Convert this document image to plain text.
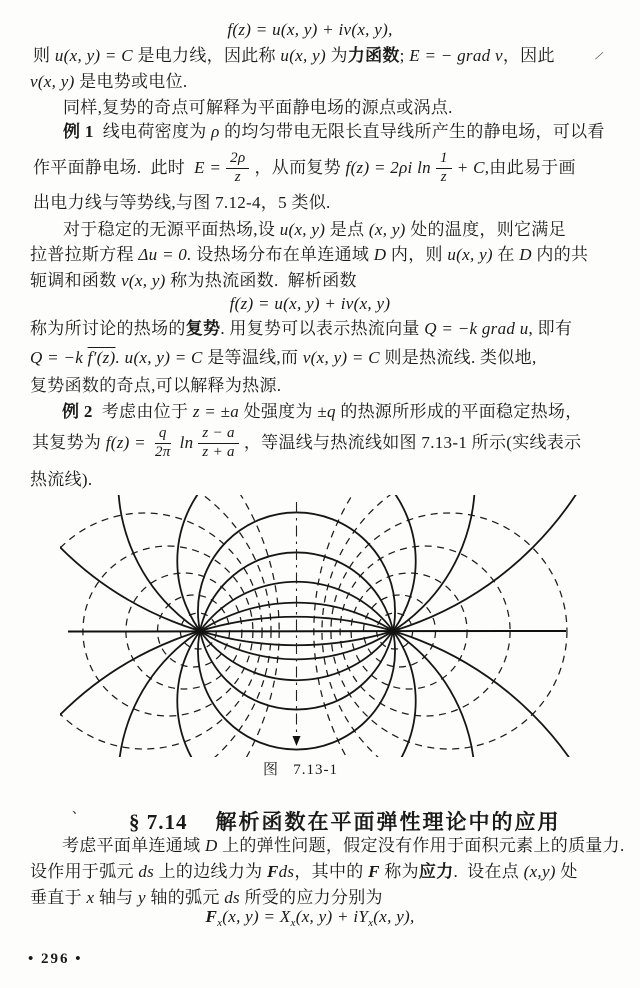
f(z) = u(x, y) + iv(x, y),
则 u(x, y) = C 是电力线，因此称 u(x, y) 为力函数; E = − grad v，因此
v(x, y) 是电势或电位.
同样,复势的奇点可解释为平面静电场的源点或涡点.
例 1  线电荷密度为 ρ 的均匀带电无限长直导线所产生的静电场，可以看
作平面静电场.  此时 $E = \frac{2\rho}{z}$ ，从而复势 f(z) = 2ρi $\ln \frac{1}{z} + C$ ,由此易于画
出电力线与等势线,与图 7.12-4，5 类似.
对于稳定的无源平面热场,设 u(x, y) 是点 (x, y) 处的温度，则它满足
拉普拉斯方程 Δu = 0. 设热场分布在单连通域 D 内，则 u(x, y) 在 D 内的共
轭调和函数 v(x, y) 称为热流函数.  解析函数
f(z) = u(x, y) + iv(x, y)
称为所讨论的热场的复势. 用复势可以表示热流向量 Q = −k grad u, 即有
Q = −k f′(z). u(x, y) = C 是等温线,而 v(x, y) = C 则是热流线. 类似地,
复势函数的奇点,可以解释为热源.
例 2  考虑由位于 z = ±a 处强度为 ±q 的热源所形成的平面稳定热场，
其复势为 $f(z) = \frac{q}{2\pi}$ $\ln \frac{z - a}{z + a}$ ，等温线与热流线如图 7.13-1 所示(实线表示
热流线).
图   7.13-1

§ 7.14 解析函数在平面弹性理论中的应用

考虑平面单连通域 D 上的弹性问题，假定没有作用于面积元素上的质量力.
设作用于弧元 ds 上的边线力为 Fds，其中的 F 称为应力.  设在点 (x,y) 处
垂直于 x 轴与 y 轴的弧元 ds 所受的应力分别为
$F_x(x$, $y) = X_x(x$, $y) + iY_x(x$, y),
• 296 •
∕
、
